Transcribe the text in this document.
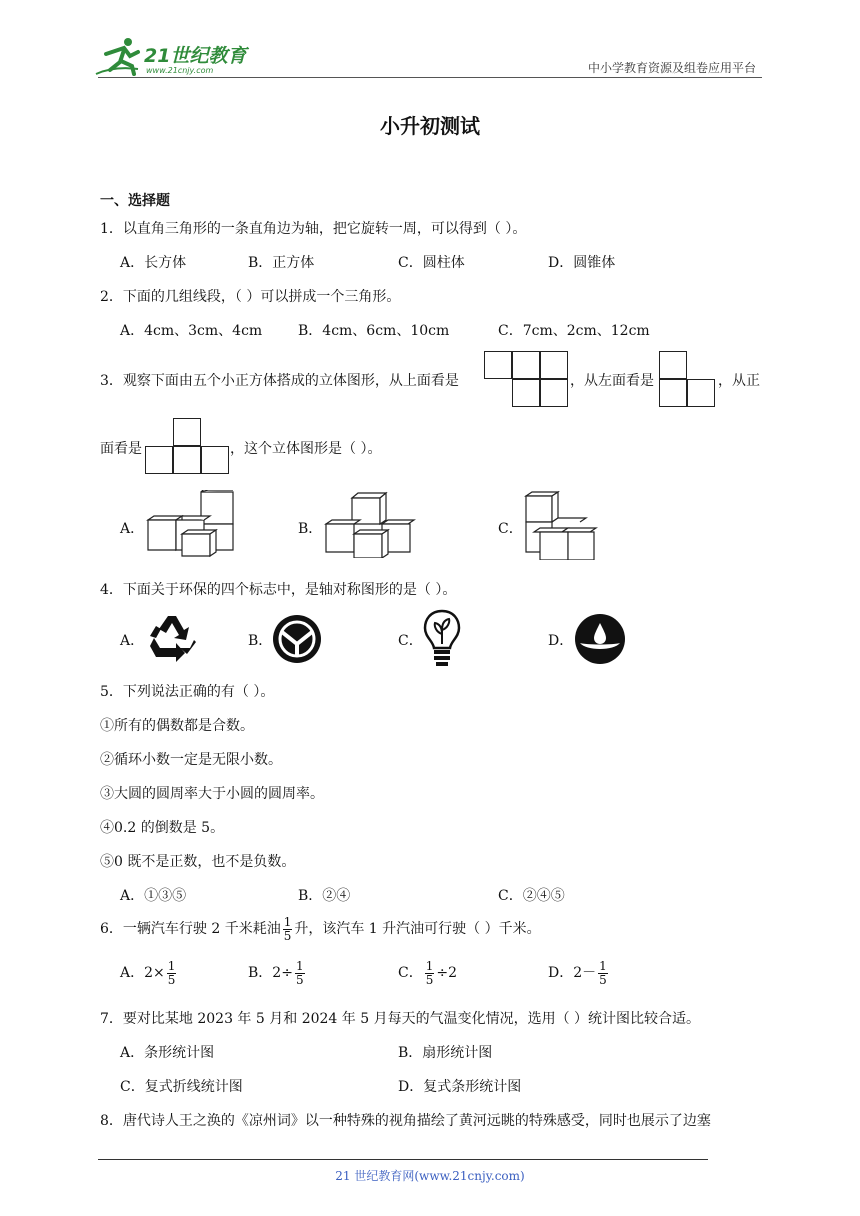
21世纪教育
www.21cnjy.com	中小学教育资源及组卷应用平台
小升初测试
一、选择题
1．以直角三角形的一条直角边为轴，把它旋转一周，可以得到（ ）。
A．长方体	B．正方体	C．圆柱体	D．圆锥体
2．下面的几组线段，（ ）可以拼成一个三角形。
A．4cm、3cm、4cm	B．4cm、6cm、10cm	C．7cm、2cm、12cm
3．观察下面由五个小正方体搭成的立体图形，从上面看是	，从左面看是	，从正
面看是	，这个立体图形是（ ）。
A．	B．	C．
4．下面关于环保的四个标志中，是轴对称图形的是（ ）。
A．	B．	C．	D．
5．下列说法正确的有（ ）。
①所有的偶数都是合数。
②循环小数一定是无限小数。
③大圆的圆周率大于小圆的圆周率。
④0.2 的倒数是 5。
⑤0 既不是正数，也不是负数。
A．①③⑤	B．②④	C．②④⑤
6．一辆汽车行驶 2 千米耗油 $\frac{1}{5}$ 升，该汽车 1 升汽油可行驶（ ）千米。
A．$2\times \frac{1}{5}$	B．$2\div \frac{1}{5}$	C． $\frac{1}{5} \div 2$	D．$2- \frac{1}{5}$
7．要对比某地 2023 年 5 月和 2024 年 5 月每天的气温变化情况，选用（ ）统计图比较合适。
A．条形统计图	B．扇形统计图
C．复式折线统计图	D．复式条形统计图
8．唐代诗人王之涣的《凉州词》以一种特殊的视角描绘了黄河远眺的特殊感受，同时也展示了边塞
21 世纪教育网(www.21cnjy.com)
